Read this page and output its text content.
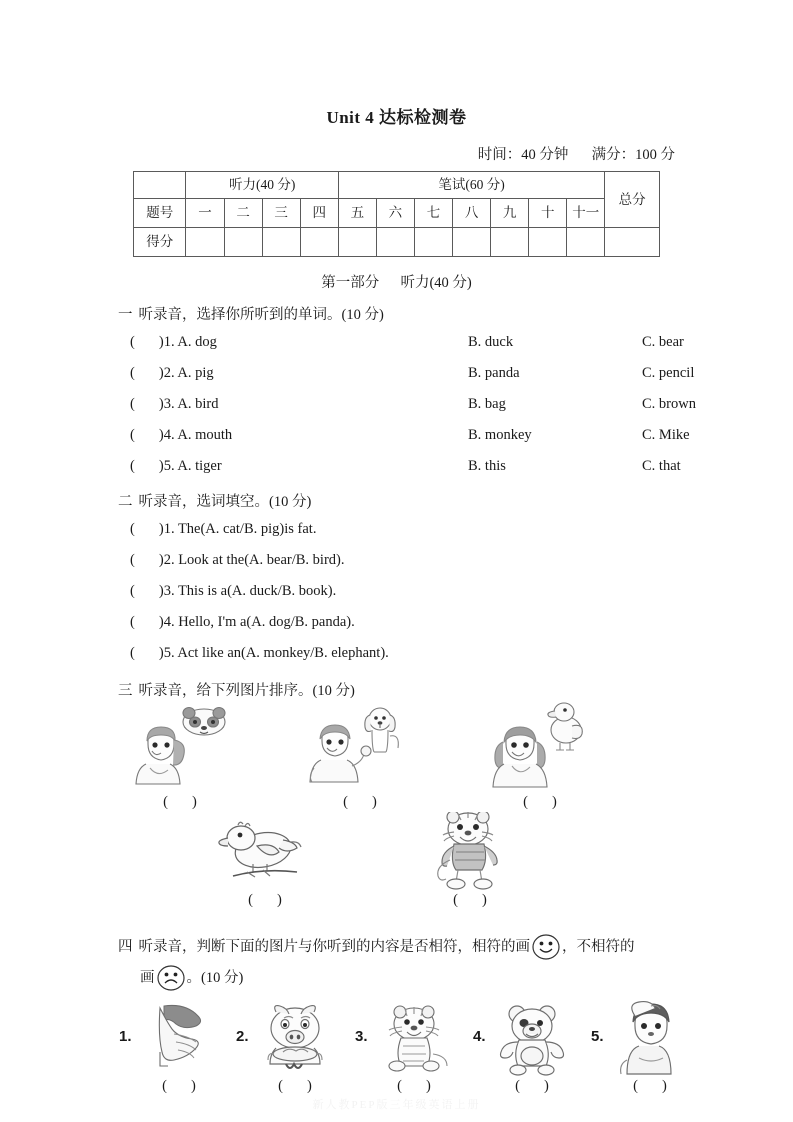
Unit 4 达标检测卷
时间：40 分钟 满分：100 分
	听力(40 分)				笔试(60 分)							总分
题号	一	二	三	四	五	六	七	八	九	十	十一	
得分												
第一部分 听力(40 分)
一 听录音，选择你所听到的单词。(10 分)
( )1. A. dog	B. duck	C. bear
( )2. A. pig	B. panda	C. pencil
( )3. A. bird	B. bag	C. brown
( )4. A. mouth	B. monkey	C. Mike
( )5. A. tiger	B. this	C. that
二 听录音，选词填空。(10 分)
( )1. The(A. cat/B. pig)is fat.
( )2. Look at the(A. bear/B. bird).
( )3. This is a(A. duck/B. book).
( )4. Hello, I'm a(A. dog/B. panda).
( )5. Act like an(A. monkey/B. elephant).
三 听录音，给下列图片排序。(10 分)
( )	( )	( )
( )	( )
四 听录音，判断下面的图片与你听到的内容是否相符，相符的画 ，不相符的
画 。(10 分)
1.
( )
2.
( )
3.
( )
4.
( )
5.
( )
新人教PEP版三年级英语上册
